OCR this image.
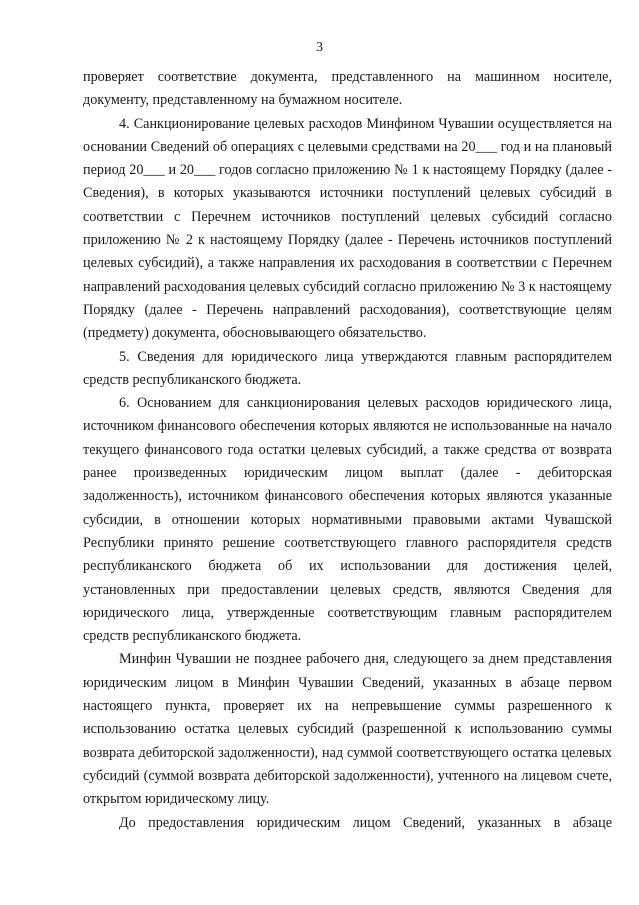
3

проверяет соответствие документа, представленного на машинном носителе, документу, представленному на бумажном носителе.

4. Санкционирование целевых расходов Минфином Чувашии осуществляется на основании Сведений об операциях с целевыми средствами на 20___ год и на плановый период 20___ и 20___ годов согласно приложению № 1 к настоящему Порядку (далее - Сведения), в которых указываются источники поступлений целевых субсидий в соответствии с Перечнем источников поступлений целевых субсидий согласно приложению № 2 к настоящему Порядку (далее - Перечень источников поступлений целевых субсидий), а также направления их расходования в соответствии с Перечнем направлений расходования целевых субсидий согласно приложению № 3 к настоящему Порядку (далее - Перечень направлений расходования), соответствующие целям (предмету) документа, обосновывающего обязательство.

5. Сведения для юридического лица утверждаются главным распорядителем средств республиканского бюджета.

6. Основанием для санкционирования целевых расходов юридического лица, источником финансового обеспечения которых являются не использованные на начало текущего финансового года остатки целевых субсидий, а также средства от возврата ранее произведенных юридическим лицом выплат (далее - дебиторская задолженность), источником финансового обеспечения которых являются указанные субсидии, в отношении которых нормативными правовыми актами Чувашской Республики принято решение соответствующего главного распорядителя средств республиканского бюджета об их использовании для достижения целей, установленных при предоставлении целевых средств, являются Сведения для юридического лица, утвержденные соответствующим главным распорядителем средств республиканского бюджета.

Минфин Чувашии не позднее рабочего дня, следующего за днем представления юридическим лицом в Минфин Чувашии Сведений, указанных в абзаце первом настоящего пункта, проверяет их на непревышение суммы разрешенного к использованию остатка целевых субсидий (разрешенной к использованию суммы возврата дебиторской задолженности), над суммой соответствующего остатка целевых субсидий (суммой возврата дебиторской задолженности), учтенного на лицевом счете, открытом юридическому лицу.

До предоставления юридическим лицом Сведений, указанных в абзаце
